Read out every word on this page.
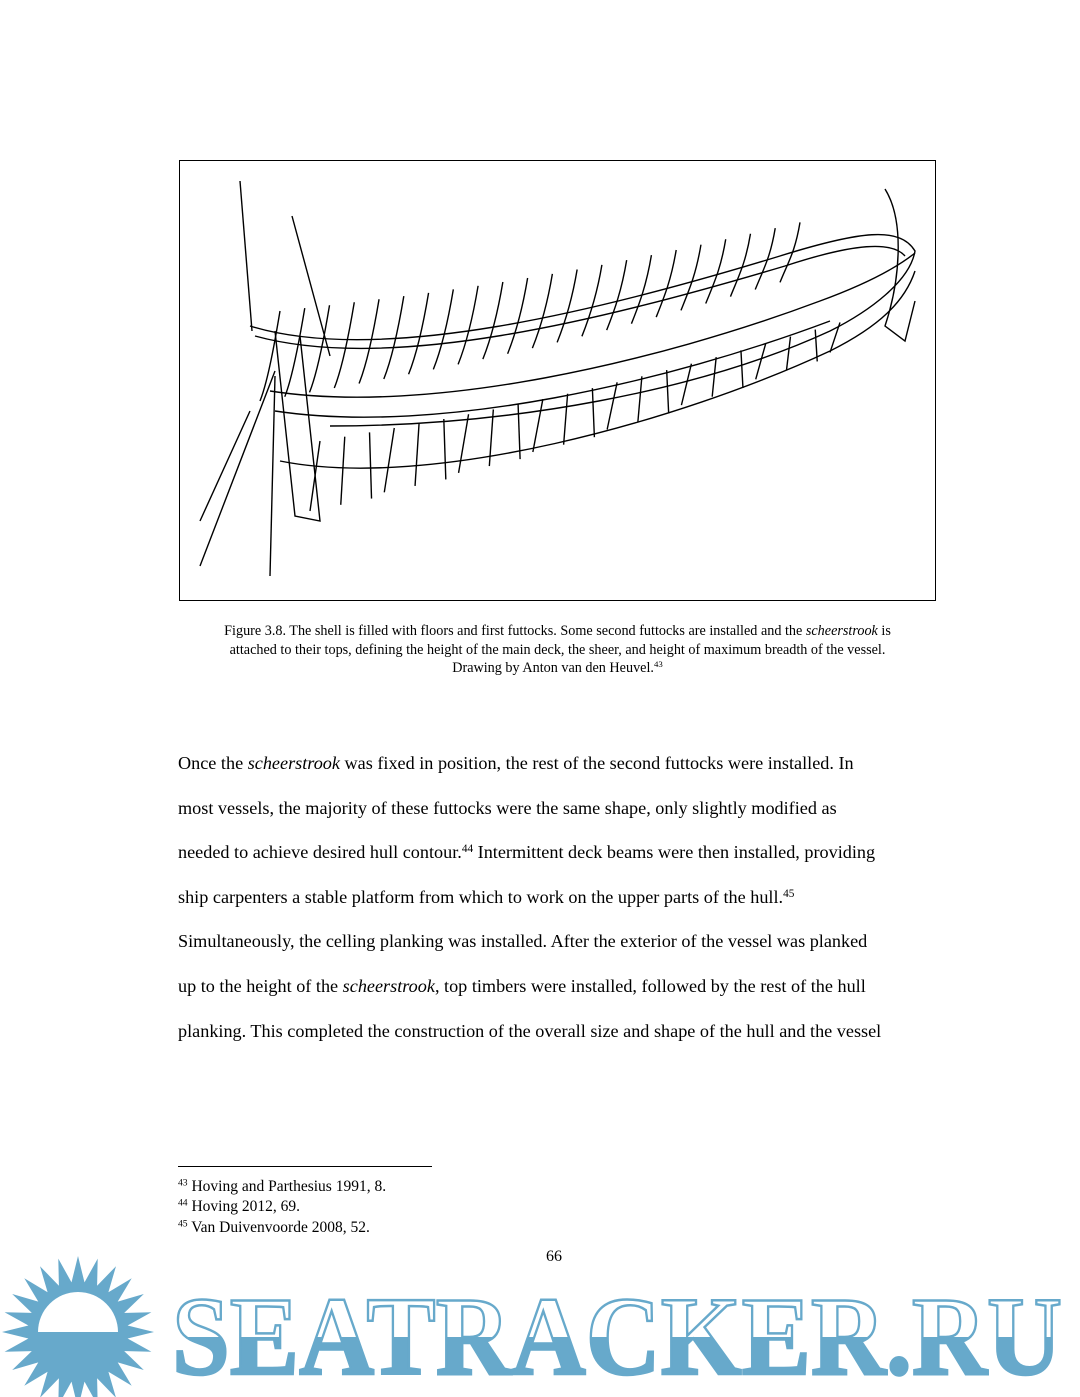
Figure 3.8. The shell is filled with floors and first futtocks. Some second futtocks are installed and the scheerstrook is
attached to their tops, defining the height of the main deck, the sheer, and height of maximum breadth of the vessel.
Drawing by Anton van den Heuvel.$^{43}$
Once the scheerstrook was fixed in position, the rest of the second futtocks were installed. In
most vessels, the majority of these futtocks were the same shape, only slightly modified as
needed to achieve desired hull contour.$^{44}$ Intermittent deck beams were then installed, providing
ship carpenters a stable platform from which to work on the upper parts of the hull.$^{45}$
Simultaneously, the celling planking was installed. After the exterior of the vessel was planked
up to the height of the scheerstrook, top timbers were installed, followed by the rest of the hull
planking. This completed the construction of the overall size and shape of the hull and the vessel
$^{43}$ Hoving and Parthesius 1991, 8.
$^{44}$ Hoving 2012, 69.
$^{45}$ Van Duivenvoorde 2008, 52.
66
SEATRACKER.RU
